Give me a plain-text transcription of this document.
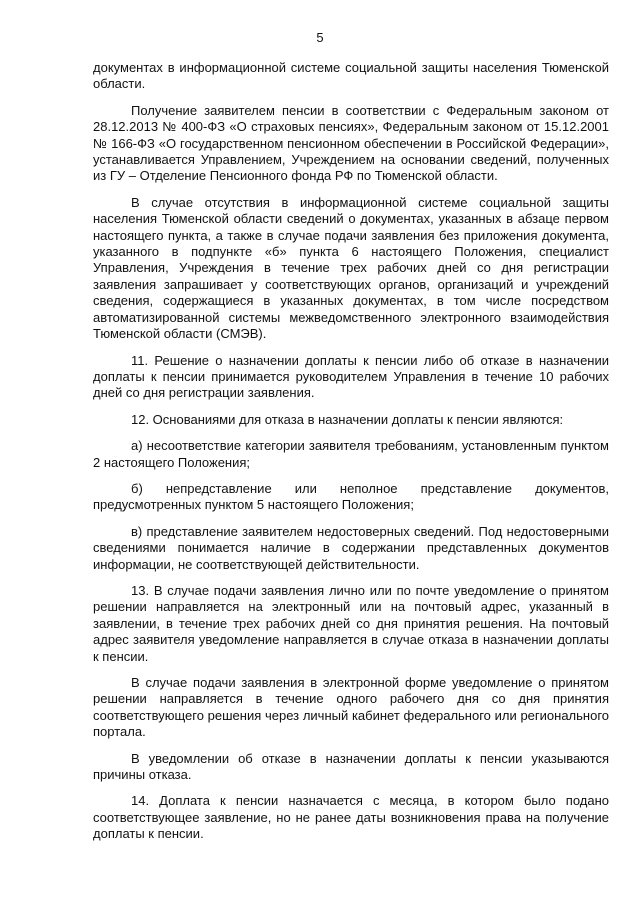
5

документах в информационной системе социальной защиты населения Тюменской области.

Получение заявителем пенсии в соответствии с Федеральным законом от 28.12.2013 № 400-ФЗ «О страховых пенсиях», Федеральным законом от 15.12.2001 № 166-ФЗ «О государственном пенсионном обеспечении в Российской Федерации», устанавливается Управлением, Учреждением на основании сведений, полученных из ГУ – Отделение Пенсионного фонда РФ по Тюменской области.

В случае отсутствия в информационной системе социальной защиты населения Тюменской области сведений о документах, указанных в абзаце первом настоящего пункта, а также в случае подачи заявления без приложения документа, указанного в подпункте «б» пункта 6 настоящего Положения, специалист Управления, Учреждения в течение трех рабочих дней со дня регистрации заявления запрашивает у соответствующих органов, организаций и учреждений сведения, содержащиеся в указанных документах, в том числе посредством автоматизированной системы межведомственного электронного взаимодействия Тюменской области (СМЭВ).

11. Решение о назначении доплаты к пенсии либо об отказе в назначении доплаты к пенсии принимается руководителем Управления в течение 10 рабочих дней со дня регистрации заявления.

12. Основаниями для отказа в назначении доплаты к пенсии являются:

а) несоответствие категории заявителя требованиям, установленным пунктом 2 настоящего Положения;

б) непредставление или неполное представление документов, предусмотренных пунктом 5 настоящего Положения;

в) представление заявителем недостоверных сведений. Под недостоверными сведениями понимается наличие в содержании представленных документов информации, не соответствующей действительности.

13. В случае подачи заявления лично или по почте уведомление о принятом решении направляется на электронный или на почтовый адрес, указанный в заявлении, в течение трех рабочих дней со дня принятия решения. На почтовый адрес заявителя уведомление направляется в случае отказа в назначении доплаты к пенсии.

В случае подачи заявления в электронной форме уведомление о принятом решении направляется в течение одного рабочего дня со дня принятия соответствующего решения через личный кабинет федерального или регионального портала.

В уведомлении об отказе в назначении доплаты к пенсии указываются причины отказа.

14. Доплата к пенсии назначается с месяца, в котором было подано соответствующее заявление, но не ранее даты возникновения права на получение доплаты к пенсии.
